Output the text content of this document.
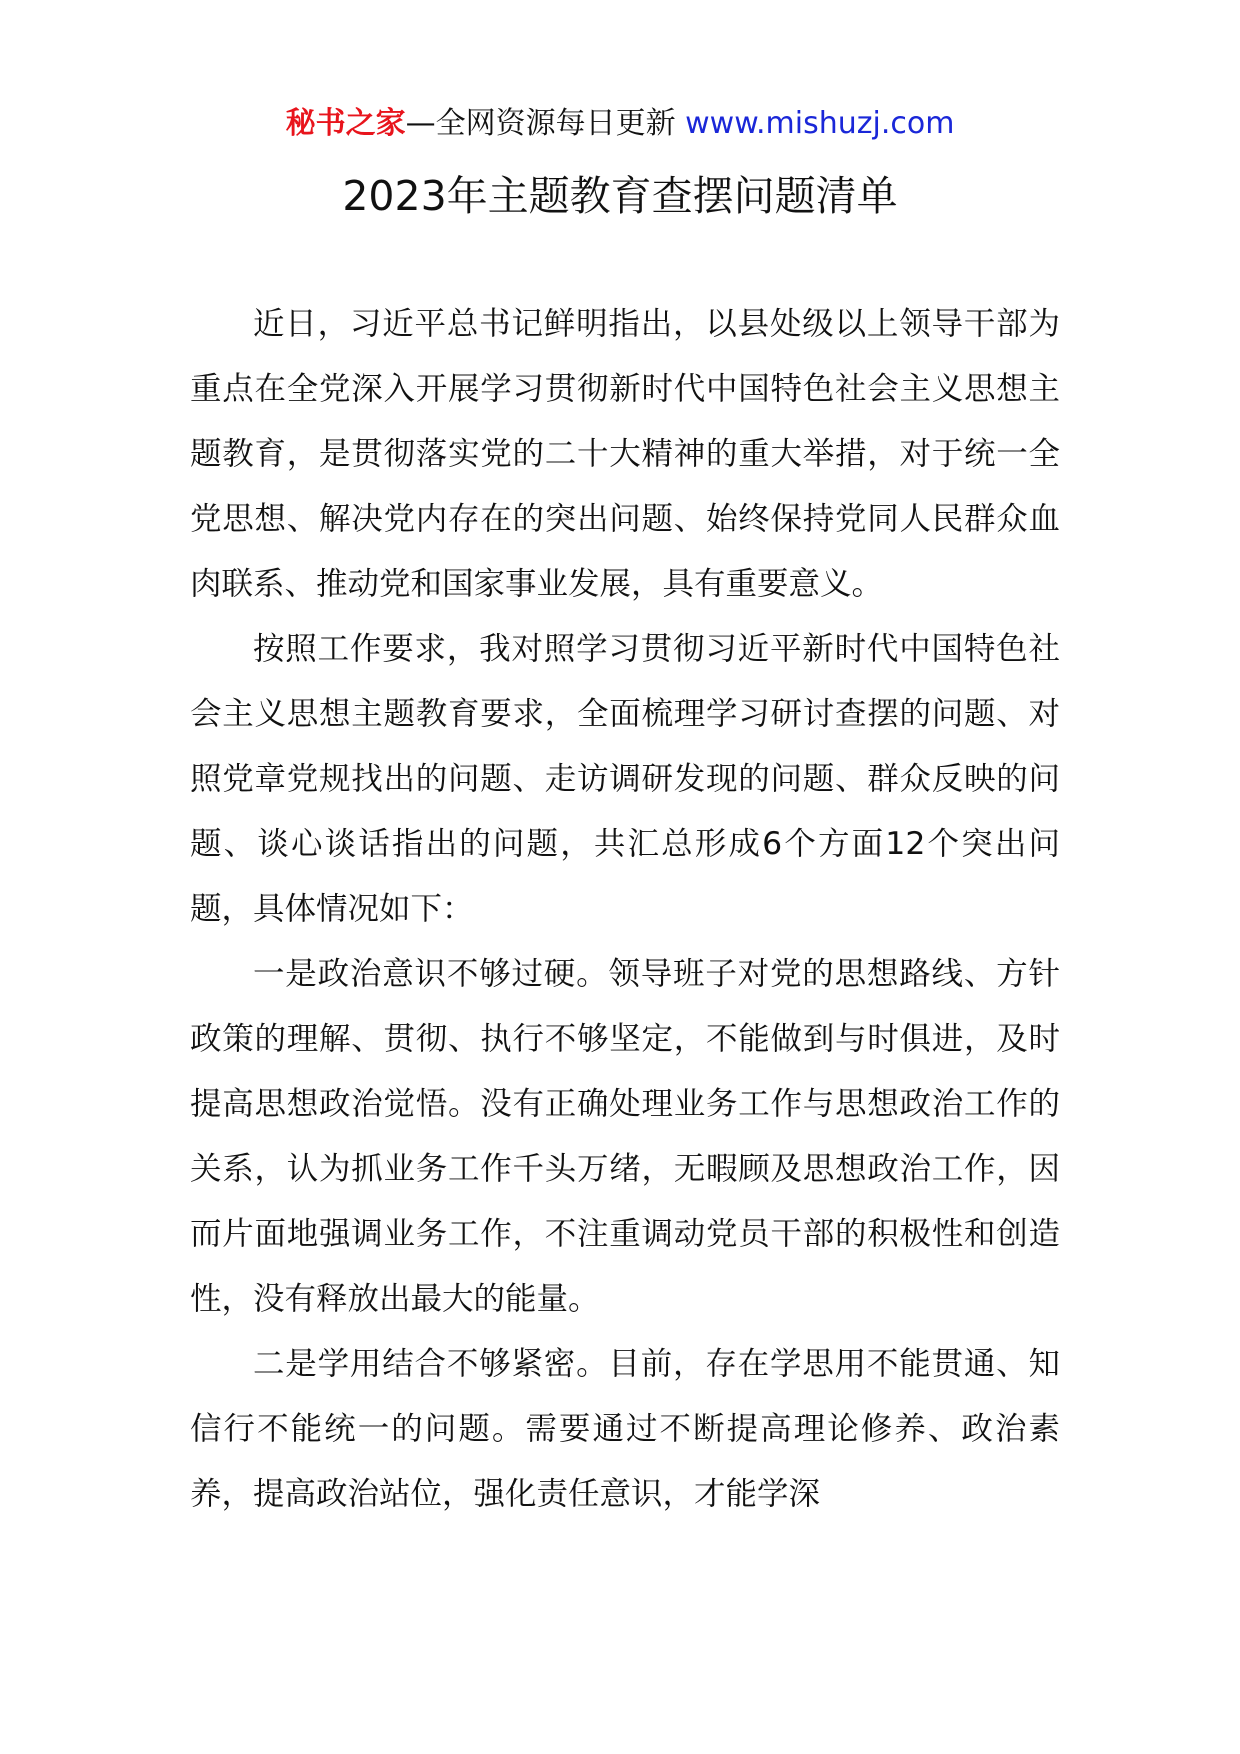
秘书之家—全网资源每日更新 www.mishuzj.com
2023年主题教育查摆问题清单

近日，习近平总书记鲜明指出，以县处级以上领导干部为重点在全党深入开展学习贯彻新时代中国特色社会主义思想主题教育，是贯彻落实党的二十大精神的重大举措，对于统一全党思想、解决党内存在的突出问题、始终保持党同人民群众血肉联系、推动党和国家事业发展，具有重要意义。

按照工作要求，我对照学习贯彻习近平新时代中国特色社会主义思想主题教育要求，全面梳理学习研讨查摆的问题、对照党章党规找出的问题、走访调研发现的问题、群众反映的问题、谈心谈话指出的问题，共汇总形成6个方面12个突出问题，具体情况如下：

一是政治意识不够过硬。领导班子对党的思想路线、方针政策的理解、贯彻、执行不够坚定，不能做到与时俱进，及时提高思想政治觉悟。没有正确处理业务工作与思想政治工作的关系，认为抓业务工作千头万绪，无暇顾及思想政治工作，因而片面地强调业务工作，不注重调动党员干部的积极性和创造性，没有释放出最大的能量。

二是学用结合不够紧密。目前，存在学思用不能贯通、知信行不能统一的问题。需要通过不断提高理论修养、政治素养，提高政治站位，强化责任意识，才能学深
